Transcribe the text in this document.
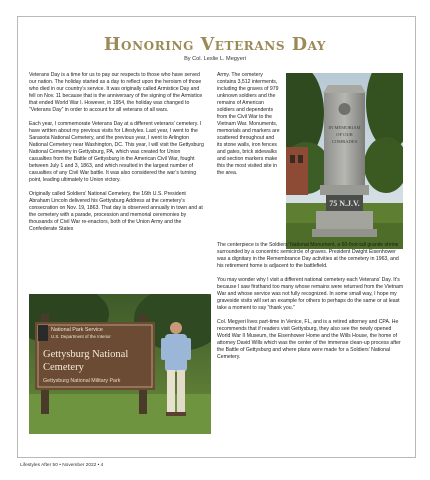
Honoring Veterans Day
By Col. Leslie L. Megyeri

Veterans Day is a time for us to pay our respects to those who have served our nation. The holiday started as a day to reflect upon the heroism of those who died in our country’s service. It was originally called Armistice Day and fell on Nov. 11 because that is the anniversary of the signing of the Armistice that ended World War I. However, in 1954, the holiday was changed to “Veterans Day” in order to account for all veterans of all wars.

Each year, I commemorate Veterans Day at a different veterans’ cemetery. I have written about my previous visits for Lifestyles. Last year, I went to the Sarasota National Cemetery, and the previous year, I went to Arlington National Cemetery near Washington, DC. This year, I will visit the Gettysburg National Cemetery in Gettysburg, PA, which was created for Union casualties from the Battle of Gettysburg in the American Civil War, fought between July 1 and 3, 1863, and which resulted in the largest number of casualties of any Civil War battle. It was also considered the war’s turning point, leading ultimately to Union victory.

Originally called Soldiers’ National Cemetery, the 16th U.S. President Abraham Lincoln delivered his Gettysburg Address at the cemetery’s consecration on Nov. 19, 1863. That day is observed annually in town and at the cemetery with a parade, procession and memorial ceremonies by thousands of Civil War re-enactors, both of the Union Army and the Confederate States

Army. The cemetery contains 3,512 interments, including the graves of 979 unknown soldiers and the remains of American soldiers and dependents from the Civil War to the Vietnam War. Monuments, memorials and markers are scattered throughout and its stone walls, iron fences and gates, brick sidewalks and section markers make this the most visited site in the area.

IN MEMORIAM
OF OUR
COMRADES
75 N.J.V.

The centerpiece is the Soldiers’ National Monument, a 60-foot-tall granite shrine surrounded by a concentric semicircle of graves. President Dwight Eisenhower was a dignitary in the Remembrance Day activities at the cemetery in 1963, and his retirement home is adjacent to the battlefield.

You may wonder why I visit a different national cemetery each Veterans’ Day. It’s because I saw firsthand too many whose remains were returned from the Vietnam War and whose service was not fully recognized. In some small way, I hope my graveside visits will set an example for others to perhaps do the same or at least take a moment to say “thank you.”

Col. Megyeri lives part-time in Venice, FL, and is a retired attorney and CPA. He recommends that if readers visit Gettysburg, they also see the newly opened World War II Museum, the Eisenhower Home and the Wills House, the home of attorney David Wills which was the center of the immense clean-up process after the Battle of Gettysburg and where plans were made for a Soldiers’ National Cemetery.

National Park Service
U.S. Department of the Interior
Gettysburg National
Cemetery
Gettysburg National Military Park
Lifestyles After 50 • November 2022 • 4
